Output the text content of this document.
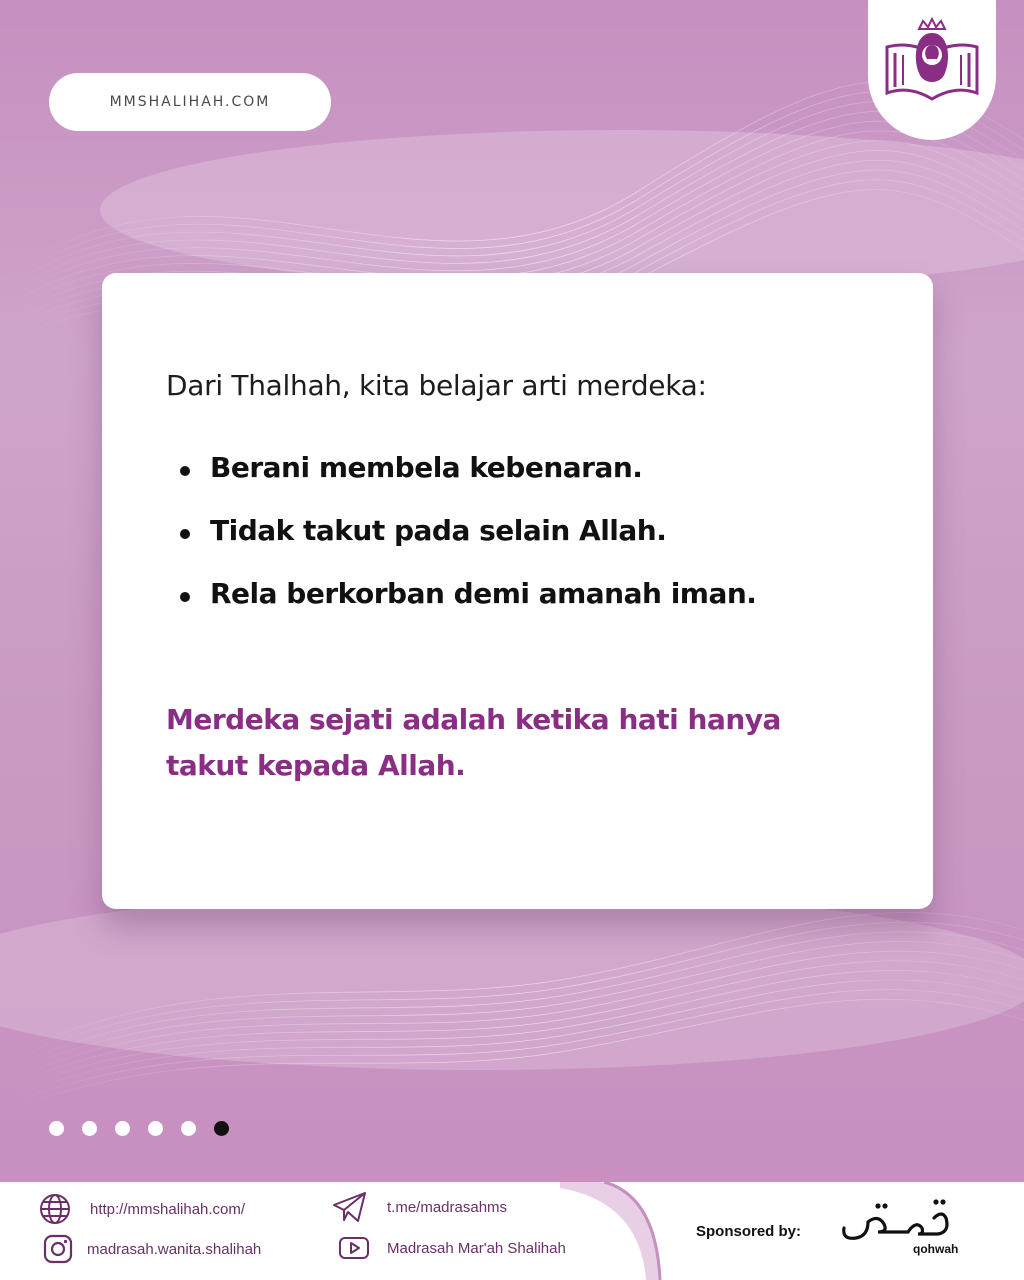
MMSHALIHAH.COM
Dari Thalhah, kita belajar arti merdeka:
Berani membela kebenaran.
Tidak takut pada selain Allah.
Rela berkorban demi amanah iman.
Merdeka sejati adalah ketika hati hanya takut kepada Allah.
http://mmshalihah.com/
madrasah.wanita.shalihah
t.me/madrasahms
Madrasah Mar'ah Shalihah
Sponsored by:
qohwah
